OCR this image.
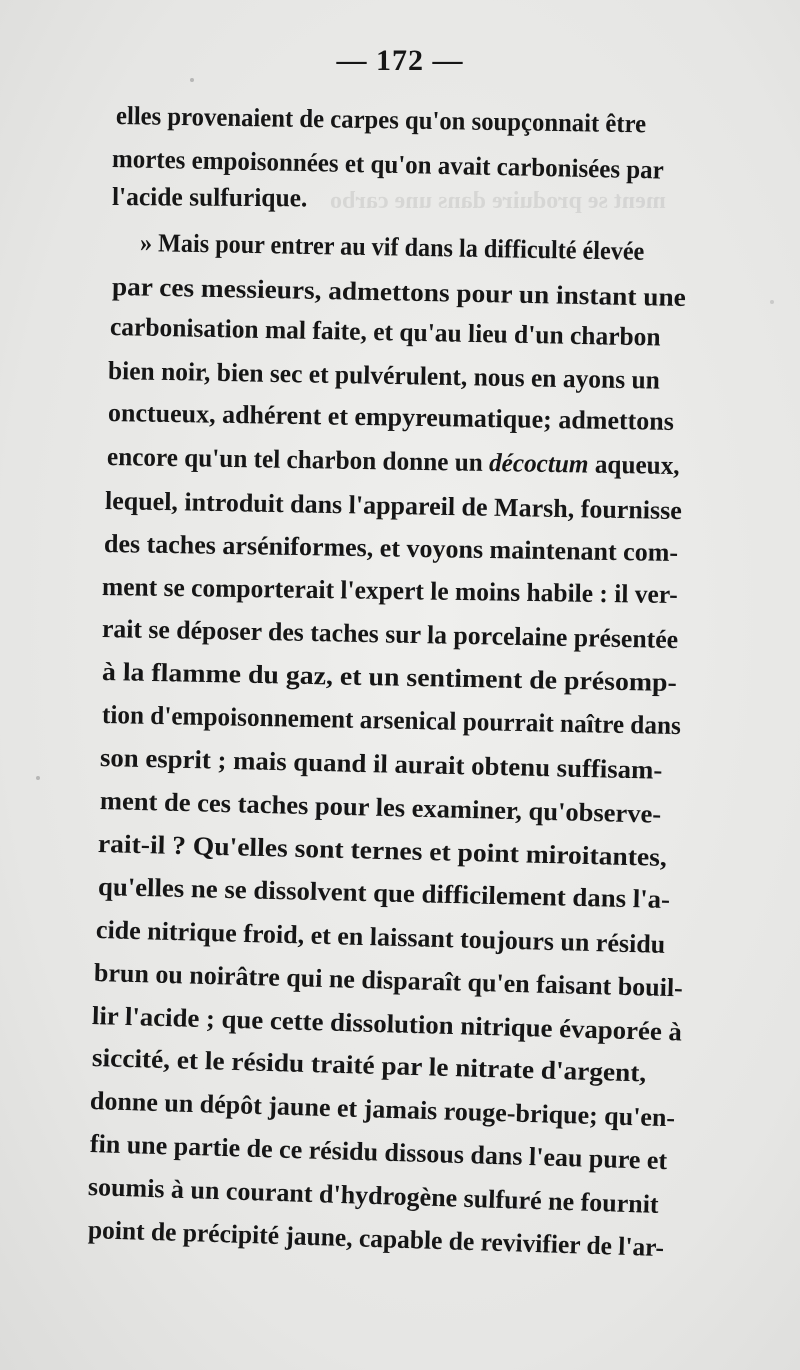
ment se produire dans une carbo
— 172 —
elles provenaient de carpes qu'on soupçonnait être
mortes empoisonnées et qu'on avait carbonisées par
l'acide sulfurique.
» Mais pour entrer au vif dans la difficulté élevée
par ces messieurs, admettons pour un instant une
carbonisation mal faite, et qu'au lieu d'un charbon
bien noir, bien sec et pulvérulent, nous en ayons un
onctueux, adhérent et empyreumatique; admettons
encore qu'un tel charbon donne un décoctum aqueux,
lequel, introduit dans l'appareil de Marsh, fournisse
des taches arséniformes, et voyons maintenant com-
ment se comporterait l'expert le moins habile : il ver-
rait se déposer des taches sur la porcelaine présentée
à la flamme du gaz, et un sentiment de présomp-
tion d'empoisonnement arsenical pourrait naître dans
son esprit ; mais quand il aurait obtenu suffisam-
ment de ces taches pour les examiner, qu'observe-
rait-il ? Qu'elles sont ternes et point miroitantes,
qu'elles ne se dissolvent que difficilement dans l'a-
cide nitrique froid, et en laissant toujours un résidu
brun ou noirâtre qui ne disparaît qu'en faisant bouil-
lir l'acide ; que cette dissolution nitrique évaporée à
siccité, et le résidu traité par le nitrate d'argent,
donne un dépôt jaune et jamais rouge-brique; qu'en-
fin une partie de ce résidu dissous dans l'eau pure et
soumis à un courant d'hydrogène sulfuré ne fournit
point de précipité jaune, capable de revivifier de l'ar-
